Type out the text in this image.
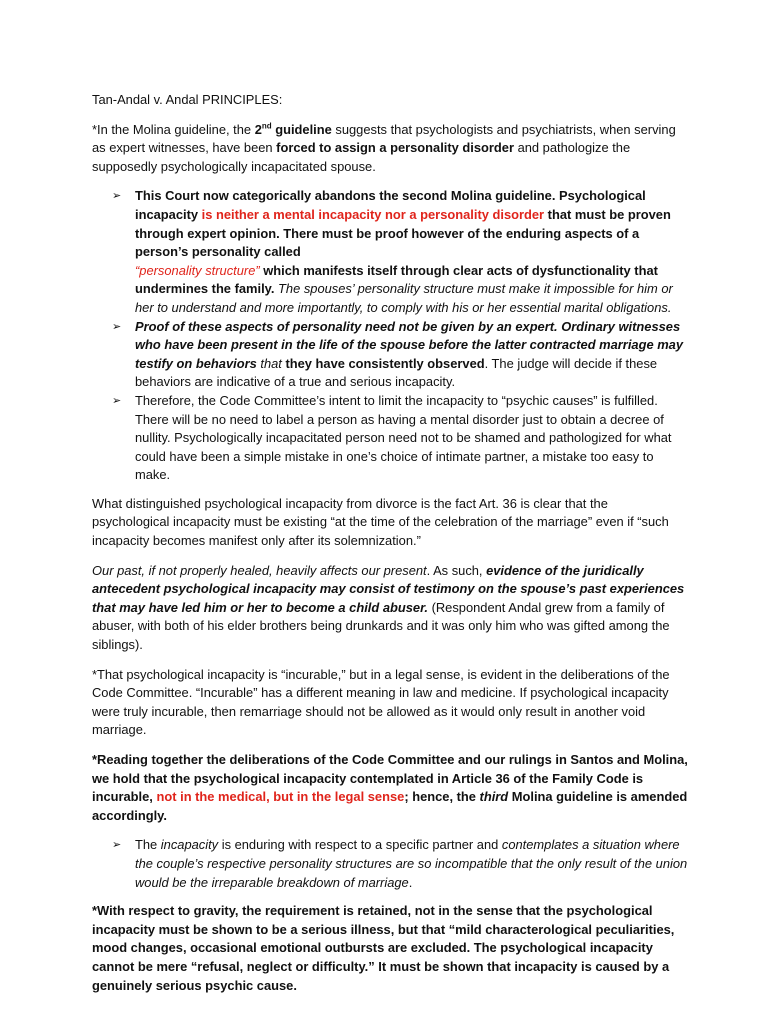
Tan-Andal v. Andal PRINCIPLES:

*In the Molina guideline, the 2nd guideline suggests that psychologists and psychiatrists, when serving as expert witnesses, have been forced to assign a personality disorder and pathologize the supposedly psychologically incapacitated spouse.

➢ This Court now categorically abandons the second Molina guideline. Psychological incapacity is neither a mental incapacity nor a personality disorder that must be proven through expert opinion. There must be proof however of the enduring aspects of a person’s personality called
“personality structure” which manifests itself through clear acts of dysfunctionality that undermines the family. The spouses’ personality structure must make it impossible for him or her to understand and more importantly, to comply with his or her essential marital obligations.
➢ Proof of these aspects of personality need not be given by an expert. Ordinary witnesses who have been present in the life of the spouse before the latter contracted marriage may testify on behaviors that they have consistently observed. The judge will decide if these behaviors are indicative of a true and serious incapacity.
➢ Therefore, the Code Committee’s intent to limit the incapacity to “psychic causes” is fulfilled. There will be no need to label a person as having a mental disorder just to obtain a decree of nullity. Psychologically incapacitated person need not to be shamed and pathologized for what could have been a simple mistake in one’s choice of intimate partner, a mistake too easy to make.

What distinguished psychological incapacity from divorce is the fact Art. 36 is clear that the psychological incapacity must be existing “at the time of the celebration of the marriage” even if “such incapacity becomes manifest only after its solemnization.”

Our past, if not properly healed, heavily affects our present. As such, evidence of the juridically antecedent psychological incapacity may consist of testimony on the spouse’s past experiences that may have led him or her to become a child abuser. (Respondent Andal grew from a family of abuser, with both of his elder brothers being drunkards and it was only him who was gifted among the siblings).

*That psychological incapacity is “incurable,” but in a legal sense, is evident in the deliberations of the Code Committee. “Incurable” has a different meaning in law and medicine. If psychological incapacity were truly incurable, then remarriage should not be allowed as it would only result in another void marriage.

*Reading together the deliberations of the Code Committee and our rulings in Santos and Molina, we hold that the psychological incapacity contemplated in Article 36 of the Family Code is incurable, not in the medical, but in the legal sense; hence, the third Molina guideline is amended accordingly.

➢ The incapacity is enduring with respect to a specific partner and contemplates a situation where the couple’s respective personality structures are so incompatible that the only result of the union would be the irreparable breakdown of marriage.

*With respect to gravity, the requirement is retained, not in the sense that the psychological incapacity must be shown to be a serious illness, but that “mild characterological peculiarities, mood changes, occasional emotional outbursts are excluded. The psychological incapacity cannot be mere “refusal, neglect or difficulty.” It must be shown that incapacity is caused by a genuinely serious psychic cause.
